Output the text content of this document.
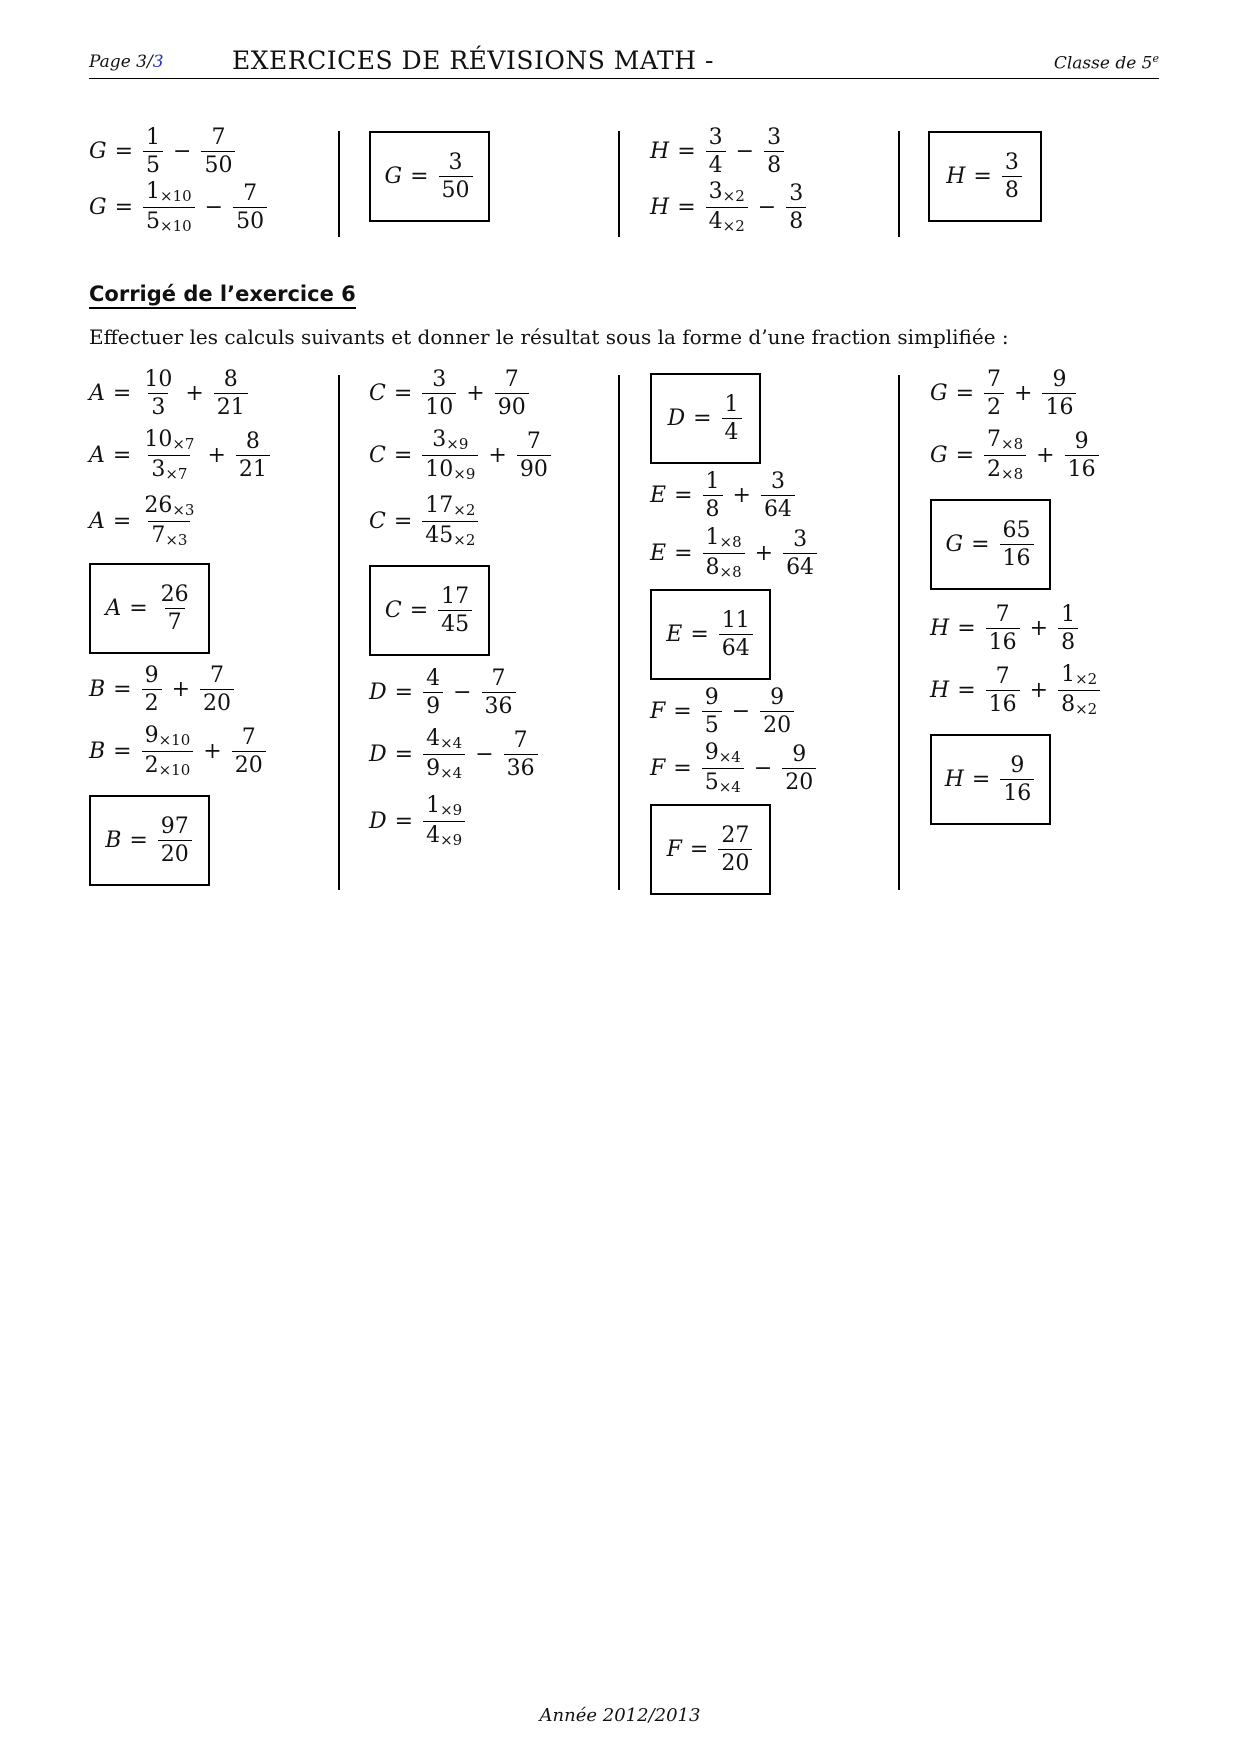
Page 3/3	EXERCICES DE RÉVISIONS MATH -	Classe de 5e
$G = \frac{1}{5} - \frac{7}{50}$
$G = \frac{1_{\times 10}}{5_{\times 10}} - \frac{7}{50}$
$G = \frac{3}{50}$	$H = \frac{3}{4} - \frac{3}{8}$
$H = \frac{3_{\times 2}}{4_{\times 2}} - \frac{3}{8}$
$H = \frac{3}{8}$
Corrigé de l’exercice 6
Effectuer les calculs suivants et donner le résultat sous la forme d’une fraction simplifiée :
$A = \frac{10}{3} + \frac{8}{21}$
$A = \frac{10_{\times 7}}{3_{\times 7}} + \frac{8}{21}$
$A = \frac{26_{\times 3}}{7_{\times 3}}$
$A = \frac{26}{7}$
$B = \frac{9}{2} + \frac{7}{20}$
$B = \frac{9_{\times 10}}{2_{\times 10}} + \frac{7}{20}$
$B = \frac{97}{20}$
$C = \frac{3}{10} + \frac{7}{90}$
$C = \frac{3_{\times 9}}{10_{\times 9}} + \frac{7}{90}$
$C = \frac{17_{\times 2}}{45_{\times 2}}$
$C = \frac{17}{45}$
$D = \frac{4}{9} - \frac{7}{36}$
$D = \frac{4_{\times 4}}{9_{\times 4}} - \frac{7}{36}$
$D = \frac{1_{\times 9}}{4_{\times 9}}$
$D = \frac{1}{4}$
$E = \frac{1}{8} + \frac{3}{64}$
$E = \frac{1_{\times 8}}{8_{\times 8}} + \frac{3}{64}$
$E = \frac{11}{64}$
$F = \frac{9}{5} - \frac{9}{20}$
$F = \frac{9_{\times 4}}{5_{\times 4}} - \frac{9}{20}$
$F = \frac{27}{20}$
$G = \frac{7}{2} + \frac{9}{16}$
$G = \frac{7_{\times 8}}{2_{\times 8}} + \frac{9}{16}$
$G = \frac{65}{16}$
$H = \frac{7}{16} + \frac{1}{8}$
$H = \frac{7}{16} + \frac{1_{\times 2}}{8_{\times 2}}$
$H = \frac{9}{16}$
Année 2012/2013
